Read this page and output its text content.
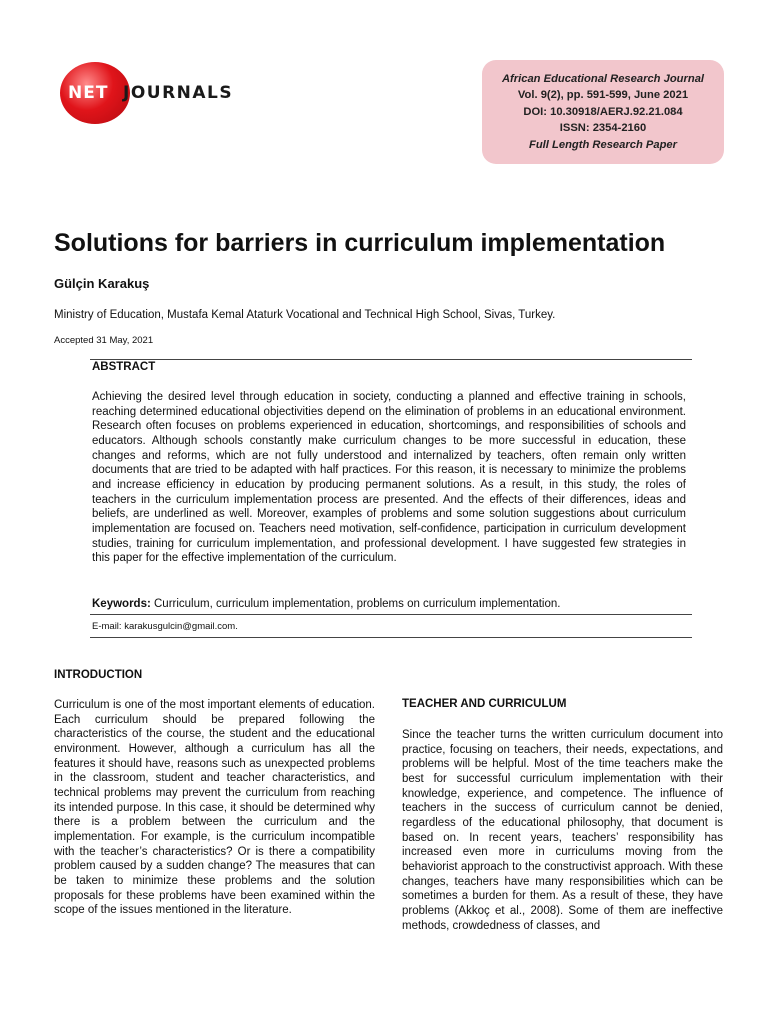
NET JOURNALS
African Educational Research Journal
Vol. 9(2), pp. 591-599, June 2021
DOI: 10.30918/AERJ.92.21.084
ISSN: 2354-2160
Full Length Research Paper
Solutions for barriers in curriculum implementation
Gülçin Karakuş
Ministry of Education, Mustafa Kemal Ataturk Vocational and Technical High School, Sivas, Turkey.
Accepted 31 May, 2021
ABSTRACT

Achieving the desired level through education in society, conducting a planned and effective training in schools, reaching determined educational objectivities depend on the elimination of problems in an educational environment. Research often focuses on problems experienced in education, shortcomings, and responsibilities of schools and educators. Although schools constantly make curriculum changes to be more successful in education, these changes and reforms, which are not fully understood and internalized by teachers, often remain only written documents that are tried to be adapted with half practices. For this reason, it is necessary to minimize the problems and increase efficiency in education by producing permanent solutions. As a result, in this study, the roles of teachers in the curriculum implementation process are presented. And the effects of their differences, ideas and beliefs, are underlined as well. Moreover, examples of problems and some solution suggestions about curriculum implementation are focused on. Teachers need motivation, self-confidence, participation in curriculum development studies, training for curriculum implementation, and professional development. I have suggested few strategies in this paper for the effective implementation of the curriculum.

Keywords: Curriculum, curriculum implementation, problems on curriculum implementation.
E-mail: karakusgulcin@gmail.com.
INTRODUCTION

Curriculum is one of the most important elements of education. Each curriculum should be prepared following the characteristics of the course, the student and the educational environment. However, although a curriculum has all the features it should have, reasons such as unexpected problems in the classroom, student and teacher characteristics, and technical problems may prevent the curriculum from reaching its intended purpose. In this case, it should be determined why there is a problem between the curriculum and the implementation. For example, is the curriculum incompatible with the teacher’s characteristics? Or is there a compatibility problem caused by a sudden change? The measures that can be taken to minimize these problems and the solution proposals for these problems have been examined within the scope of the issues mentioned in the literature.

TEACHER AND CURRICULUM

Since the teacher turns the written curriculum document into practice, focusing on teachers, their needs, expectations, and problems will be helpful. Most of the time teachers make the best for successful curriculum implementation with their knowledge, experience, and competence. The influence of teachers in the success of curriculum cannot be denied, regardless of the educational philosophy, that document is based on. In recent years, teachers’ responsibility has increased even more in curriculums moving from the behaviorist approach to the constructivist approach. With these changes, teachers have many responsibilities which can be sometimes a burden for them. As a result of these, they have problems (Akkoç et al., 2008). Some of them are ineffective methods, crowdedness of classes, and
